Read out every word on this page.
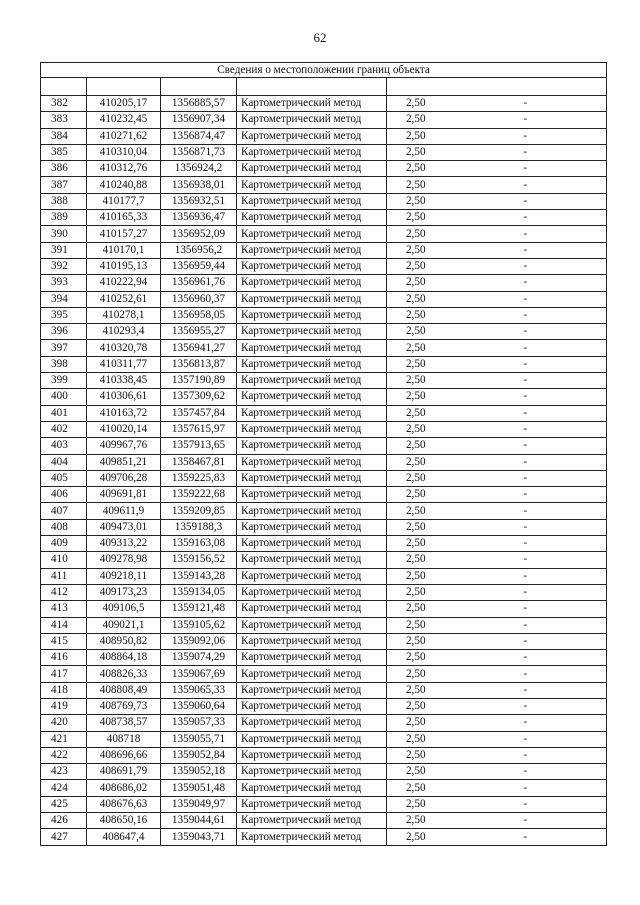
62
Сведения о местоположении границ объекта					

382	410205,17	1356885,57	Картометрический метод	2,50	-
383	410232,45	1356907,34	Картометрический метод	2,50	-
384	410271,62	1356874,47	Картометрический метод	2,50	-
385	410310,04	1356871,73	Картометрический метод	2,50	-
386	410312,76	1356924,2	Картометрический метод	2,50	-
387	410240,88	1356938,01	Картометрический метод	2,50	-
388	410177,7	1356932,51	Картометрический метод	2,50	-
389	410165,33	1356936,47	Картометрический метод	2,50	-
390	410157,27	1356952,09	Картометрический метод	2,50	-
391	410170,1	1356956,2	Картометрический метод	2,50	-
392	410195,13	1356959,44	Картометрический метод	2,50	-
393	410222,94	1356961,76	Картометрический метод	2,50	-
394	410252,61	1356960,37	Картометрический метод	2,50	-
395	410278,1	1356958,05	Картометрический метод	2,50	-
396	410293,4	1356955,27	Картометрический метод	2,50	-
397	410320,78	1356941,27	Картометрический метод	2,50	-
398	410311,77	1356813,87	Картометрический метод	2,50	-
399	410338,45	1357190,89	Картометрический метод	2,50	-
400	410306,61	1357309,62	Картометрический метод	2,50	-
401	410163,72	1357457,84	Картометрический метод	2,50	-
402	410020,14	1357615,97	Картометрический метод	2,50	-
403	409967,76	1357913,65	Картометрический метод	2,50	-
404	409851,21	1358467,81	Картометрический метод	2,50	-
405	409706,28	1359225,83	Картометрический метод	2,50	-
406	409691,81	1359222,68	Картометрический метод	2,50	-
407	409611,9	1359209,85	Картометрический метод	2,50	-
408	409473,01	1359188,3	Картометрический метод	2,50	-
409	409313,22	1359163,08	Картометрический метод	2,50	-
410	409278,98	1359156,52	Картометрический метод	2,50	-
411	409218,11	1359143,28	Картометрический метод	2,50	-
412	409173,23	1359134,05	Картометрический метод	2,50	-
413	409106,5	1359121,48	Картометрический метод	2,50	-
414	409021,1	1359105,62	Картометрический метод	2,50	-
415	408950,82	1359092,06	Картометрический метод	2,50	-
416	408864,18	1359074,29	Картометрический метод	2,50	-
417	408826,33	1359067,69	Картометрический метод	2,50	-
418	408808,49	1359065,33	Картометрический метод	2,50	-
419	408769,73	1359060,64	Картометрический метод	2,50	-
420	408738,57	1359057,33	Картометрический метод	2,50	-
421	408718	1359055,71	Картометрический метод	2,50	-
422	408696,66	1359052,84	Картометрический метод	2,50	-
423	408691,79	1359052,18	Картометрический метод	2,50	-
424	408686,02	1359051,48	Картометрический метод	2,50	-
425	408676,63	1359049,97	Картометрический метод	2,50	-
426	408650,16	1359044,61	Картометрический метод	2,50	-
427	408647,4	1359043,71	Картометрический метод	2,50	-
